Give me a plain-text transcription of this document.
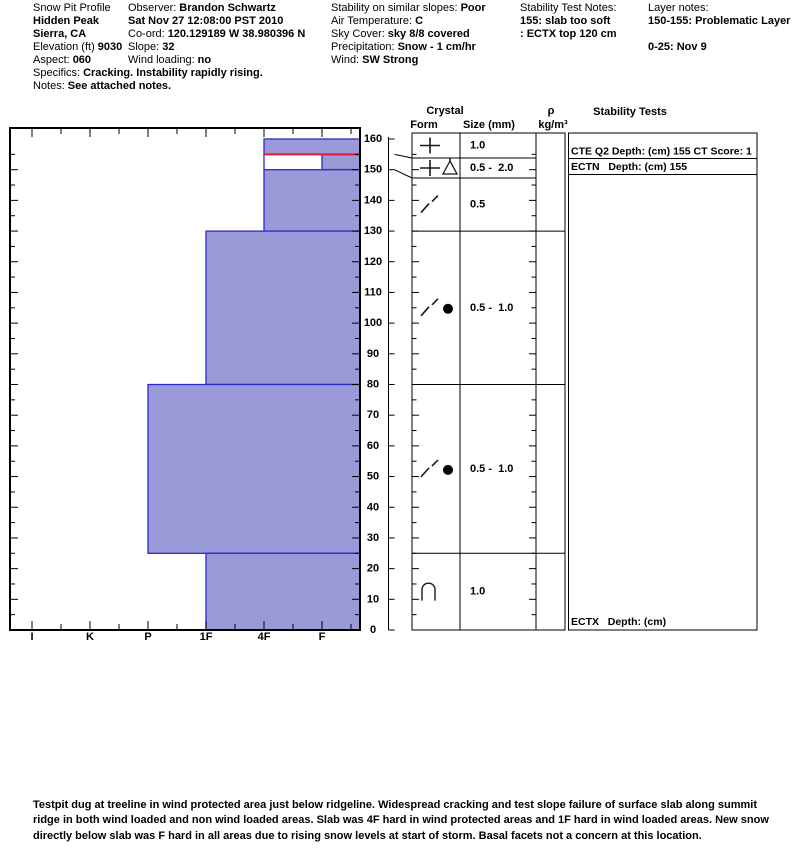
Snow Pit Profile
Hidden Peak
Sierra, CA
Elevation (ft) 9030
Aspect: 060
Specifics: Cracking. Instability rapidly rising.
Notes: See attached notes.
Observer: Brandon Schwartz
Sat Nov 27 12:08:00 PST 2010
Co-ord: 120.129189 W 38.980396 N
Slope: 32
Wind loading: no
Stability on similar slopes: Poor
Air Temperature: C
Sky Cover: sky 8/8 covered
Precipitation: Snow - 1 cm/hr
Wind: SW Strong
Stability Test Notes:
155: slab too soft
: ECTX top 120 cm
Layer notes:
150-155: Problematic Layer
0-25: Nov 9
I	K	P	1F	4F	F
0
10
20
30
40
50
60
70
80
90
100
110
120
130
140
150
160
Crystal
Form Size (mm)
ρ
kg/m³
Stability Tests
1.0
0.5 -  2.0
0.5
0.5 -  1.0
0.5 -  1.0
1.0
CTE Q2 Depth: (cm) 155 CT Score: 1
ECTN   Depth: (cm) 155
ECTX   Depth: (cm)
Testpit dug at treeline in wind protected area just below ridgeline. Widespread cracking and test slope failure of surface slab along summit ridge in both wind loaded and non wind loaded areas. Slab was 4F hard in wind protected areas and 1F hard in wind loaded areas. New snow directly below slab was F hard in all areas due to rising snow levels at start of storm. Basal facets not a concern at this location.
